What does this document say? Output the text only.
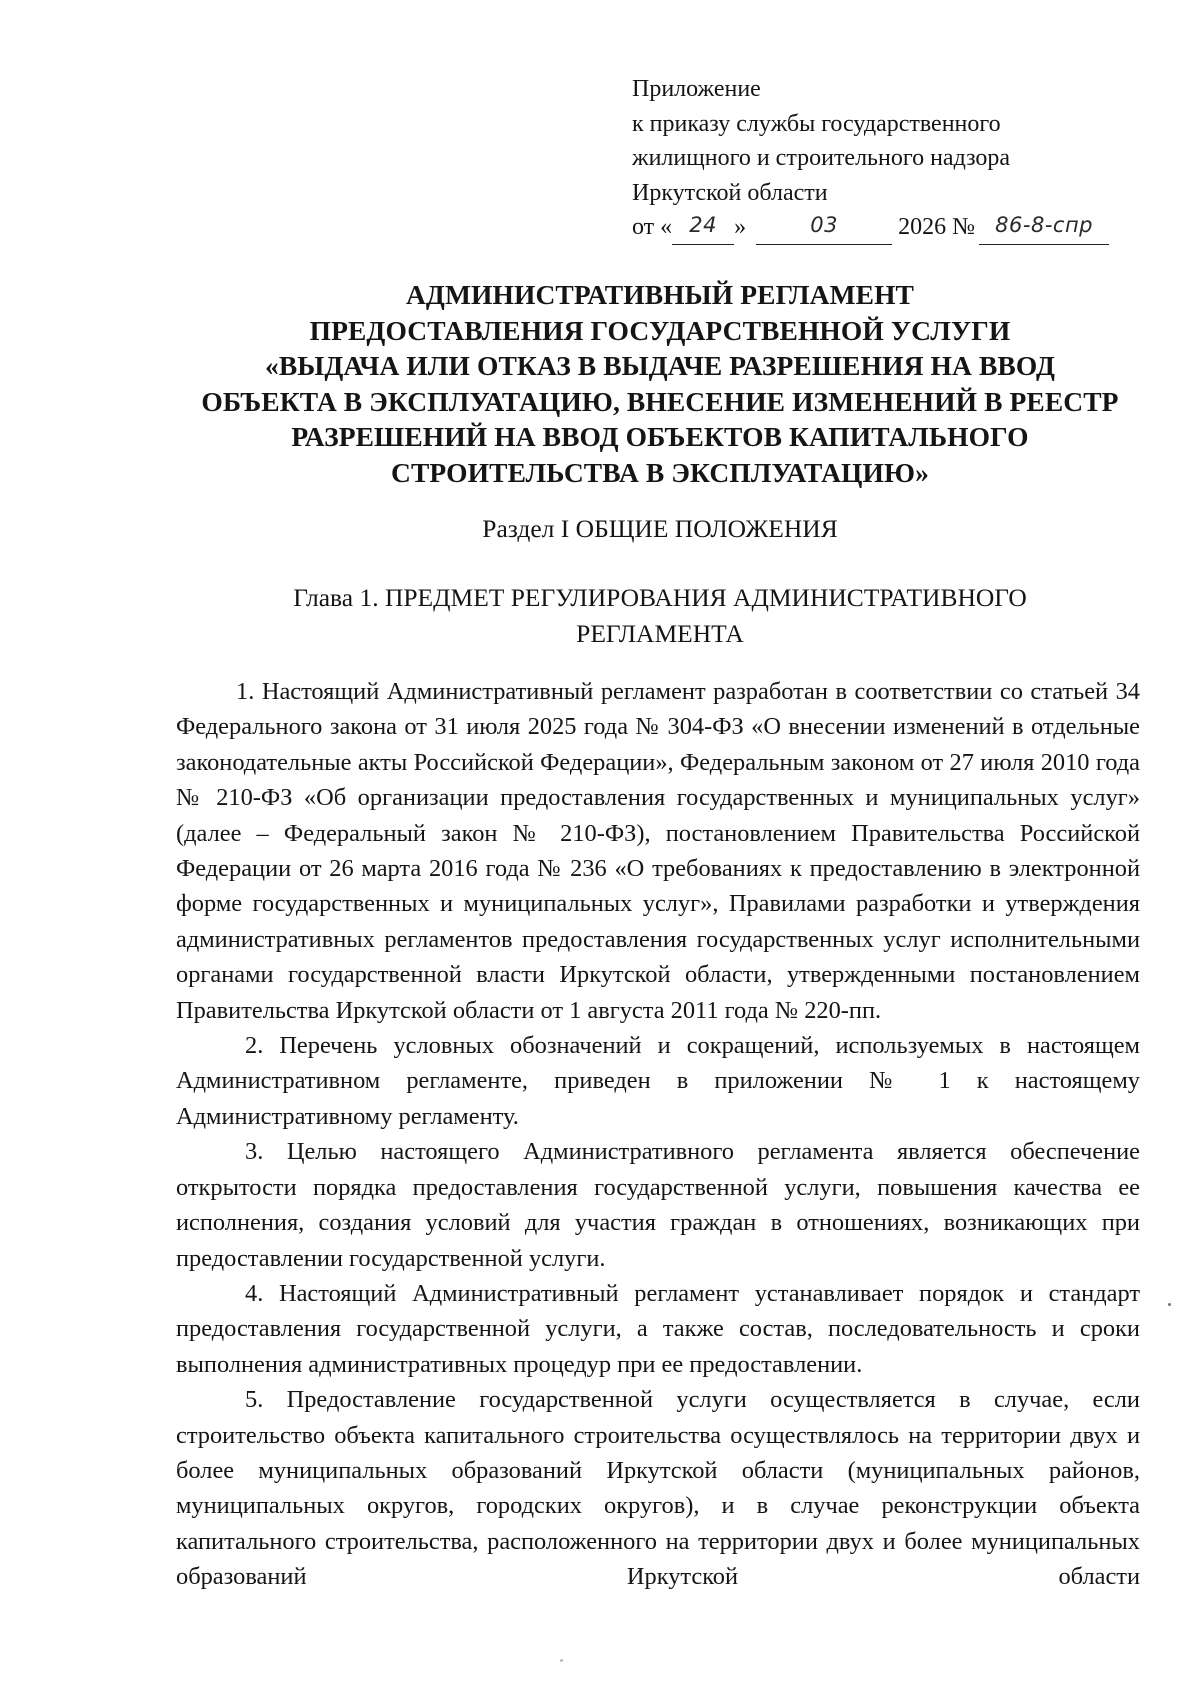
Приложение
к приказу службы государственного
жилищного и строительного надзора
Иркутской области
от « 24 »	03	2026 № 86-8-спр
АДМИНИСТРАТИВНЫЙ РЕГЛАМЕНТ
ПРЕДОСТАВЛЕНИЯ ГОСУДАРСТВЕННОЙ УСЛУГИ
«ВЫДАЧА ИЛИ ОТКАЗ В ВЫДАЧЕ РАЗРЕШЕНИЯ НА ВВОД
ОБЪЕКТА В ЭКСПЛУАТАЦИЮ, ВНЕСЕНИЕ ИЗМЕНЕНИЙ В РЕЕСТР
РАЗРЕШЕНИЙ НА ВВОД ОБЪЕКТОВ КАПИТАЛЬНОГО
СТРОИТЕЛЬСТВА В ЭКСПЛУАТАЦИЮ»
Раздел I ОБЩИЕ ПОЛОЖЕНИЯ
Глава 1. ПРЕДМЕТ РЕГУЛИРОВАНИЯ АДМИНИСТРАТИВНОГО
РЕГЛАМЕНТА

1. Настоящий Административный регламент разработан в соответствии со статьей 34 Федерального закона от 31 июля 2025 года № 304-ФЗ «О внесении изменений в отдельные законодательные акты Российской Федерации», Федеральным законом от 27 июля 2010 года № 210-ФЗ «Об организации предоставления государственных и муниципальных услуг» (далее – Федеральный закон № 210-ФЗ), постановлением Правительства Российской Федерации от 26 марта 2016 года № 236 «О требованиях к предоставлению в электронной форме государственных и муниципальных услуг», Правилами разработки и утверждения административных регламентов предоставления государственных услуг исполнительными органами государственной власти Иркутской области, утвержденными постановлением Правительства Иркутской области от 1 августа 2011 года № 220-пп.

2. Перечень условных обозначений и сокращений, используемых в настоящем Административном регламенте, приведен в приложении № 1 к настоящему Административному регламенту.

3. Целью настоящего Административного регламента является обеспечение открытости порядка предоставления государственной услуги, повышения качества ее исполнения, создания условий для участия граждан в отношениях, возникающих при предоставлении государственной услуги.

4. Настоящий Административный регламент устанавливает порядок и стандарт предоставления государственной услуги, а также состав, последовательность и сроки выполнения административных процедур при ее предоставлении.

5. Предоставление государственной услуги осуществляется в случае, если строительство объекта капитального строительства осуществлялось на территории двух и более муниципальных образований Иркутской области (муниципальных районов, муниципальных округов, городских округов), и в случае реконструкции объекта капитального строительства, расположенного на территории двух и более муниципальных образований Иркутской области
